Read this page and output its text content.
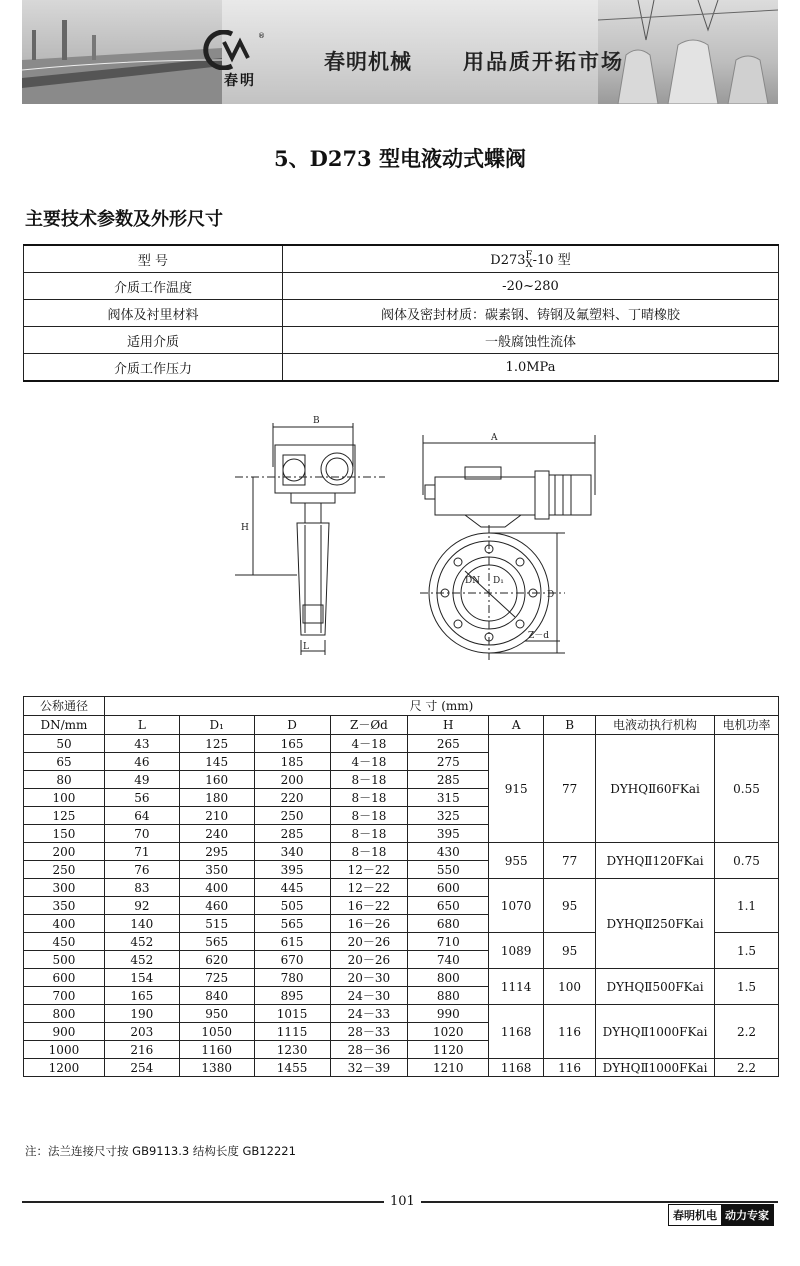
®
春明
春明机械 用品质开拓市场
5、D273 型电液动式蝶阀
主要技术参数及外形尺寸
型 号	D273 F
X -10 型
介质工作温度	-20~280
阀体及衬里材料	阀体及密封材质：碳素钢、铸钢及氟塑料、丁晴橡胶
适用介质	一般腐蚀性流体
介质工作压力	1.0MPa
B
H
L
A
DN D₁
D
Z－d
公称通径	尺 寸 (mm)								
DN/mm	L	D₁	D	Z－Ød	H	A	B	电液动执行机构	电机功率
50	43	125	165	4－18	265	915	77	DYHQⅡ60FKai	0.55
65	46	145	185	4－18	275				
80	49	160	200	8－18	285				
100	56	180	220	8－18	315				
125	64	210	250	8－18	325				
150	70	240	285	8－18	395				
200	71	295	340	8－18	430	955	77	DYHQⅡ120FKai	0.75
250	76	350	395	12－22	550				
300	83	400	445	12－22	600	1070	95	DYHQⅡ250FKai	1.1
350	92	460	505	16－22	650				
400	140	515	565	16－26	680				
450	452	565	615	20－26	710	1089	95		1.5
500	452	620	670	20－26	740				
600	154	725	780	20－30	800	1114	100	DYHQⅡ500FKai	1.5
700	165	840	895	24－30	880				
800	190	950	1015	24－33	990	1168	116	DYHQⅡ1000FKai	2.2
900	203	1050	1115	28－33	1020				
1000	216	1160	1230	28－36	1120				
1200	254	1380	1455	32－39	1210	1168	116	DYHQⅡ1000FKai	2.2
注：法兰连接尺寸按 GB9113.3 结构长度 GB12221
101
春明机电 动力专家
